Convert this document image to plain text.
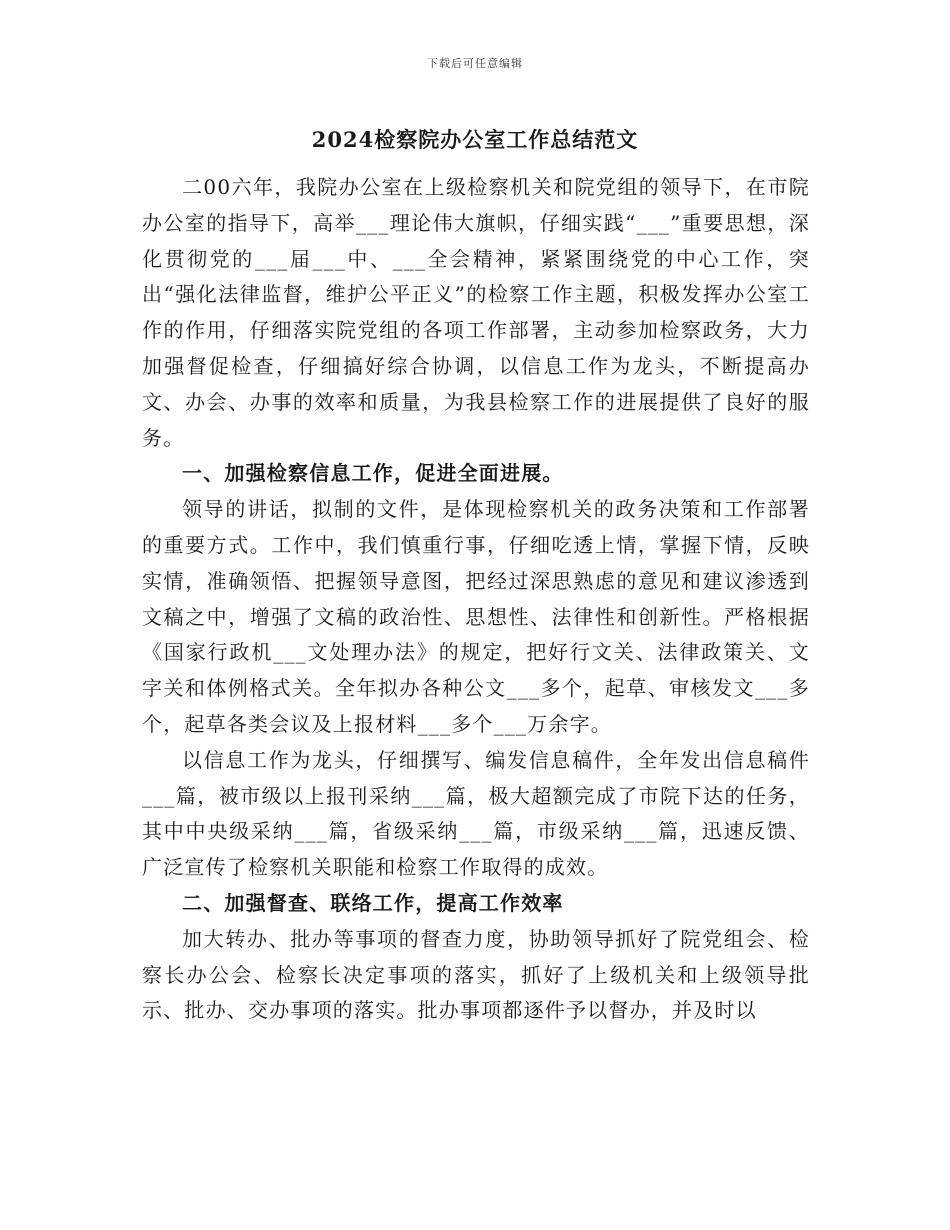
下载后可任意编辑
2024检察院办公室工作总结范文

二00六年，我院办公室在上级检察机关和院党组的领导下，在市院办公室的指导下，高举___理论伟大旗帜，仔细实践“___”重要思想，深化贯彻党的___届___中、___全会精神，紧紧围绕党的中心工作，突出“强化法律监督，维护公平正义”的检察工作主题，积极发挥办公室工作的作用，仔细落实院党组的各项工作部署，主动参加检察政务，大力加强督促检查，仔细搞好综合协调，以信息工作为龙头，不断提高办文、办会、办事的效率和质量，为我县检察工作的进展提供了良好的服务。

一、加强检察信息工作，促进全面进展。

领导的讲话，拟制的文件，是体现检察机关的政务决策和工作部署的重要方式。工作中，我们慎重行事，仔细吃透上情，掌握下情，反映实情，准确领悟、把握领导意图，把经过深思熟虑的意见和建议渗透到文稿之中，增强了文稿的政治性、思想性、法律性和创新性。严格根据《国家行政机___文处理办法》的规定，把好行文关、法律政策关、文字关和体例格式关。全年拟办各种公文___多个，起草、审核发文___多个，起草各类会议及上报材料___多个___万余字。

以信息工作为龙头，仔细撰写、编发信息稿件，全年发出信息稿件___篇，被市级以上报刊采纳___篇，极大超额完成了市院下达的任务，其中中央级采纳___篇，省级采纳___篇，市级采纳___篇，迅速反馈、广泛宣传了检察机关职能和检察工作取得的成效。

二、加强督查、联络工作，提高工作效率

加大转办、批办等事项的督查力度，协助领导抓好了院党组会、检察长办公会、检察长决定事项的落实，抓好了上级机关和上级领导批示、批办、交办事项的落实。批办事项都逐件予以督办，并及时以
